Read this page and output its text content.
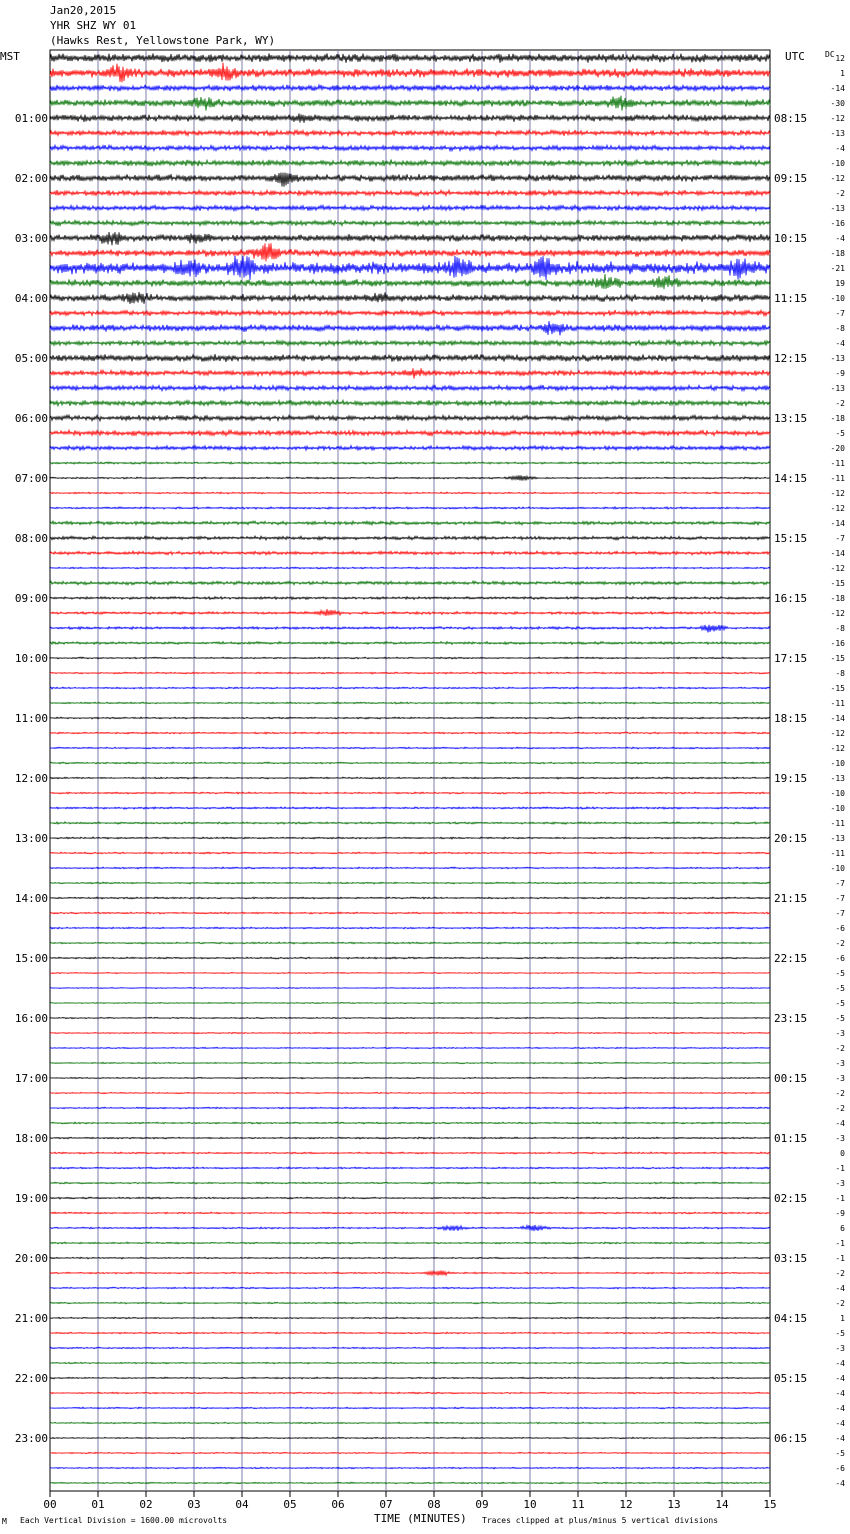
Jan20,2015
YHR SHZ WY 01
(Hawks Rest, Yellowstone Park, WY)
00	01	02	03	04	05	06	07	08	09	10	11	12	13	14	15
12
1
-14
-30
-12
-13
-4
-10
-12
-2
-13
-16
-4
-18
-21
19
-10
-7
-8
-4
-13
-9
-13
-2
-18
-5
-20
-11
-11
-12
-12
-14
-7
-14
-12
-15
-18
-12
-8
-16
-15
-8
-15
-11
-14
-12
-12
-10
-13
-10
-10
-11
-13
-11
-10
-7
-7
-7
-6
-2
-6
-5
-5
-5
-5
-3
-2
-3
-3
-2
-2
-4
-3
0
-1
-3
-1
-9
6
-1
-1
-2
-4
-2
1
-5
-3
-4
-4
-4
-4
-4
-4
-5
-6
-4
01:00
02:00
03:00
04:00
05:00
06:00
07:00
08:00
09:00
10:00
11:00
12:00
13:00
14:00
15:00
16:00
17:00
18:00
19:00
20:00
21:00
22:00
23:00
08:15
09:15
10:15
11:15
12:15
13:15
14:15
15:15
16:15
17:15
18:15
19:15
20:15
21:15
22:15
23:15
00:15
01:15
02:15
03:15
04:15
05:15
06:15
MST	UTC	DC
M Each Vertical Division = 1600.00 microvolts	TIME (MINUTES) Traces clipped at plus/minus 5 vertical divisions
